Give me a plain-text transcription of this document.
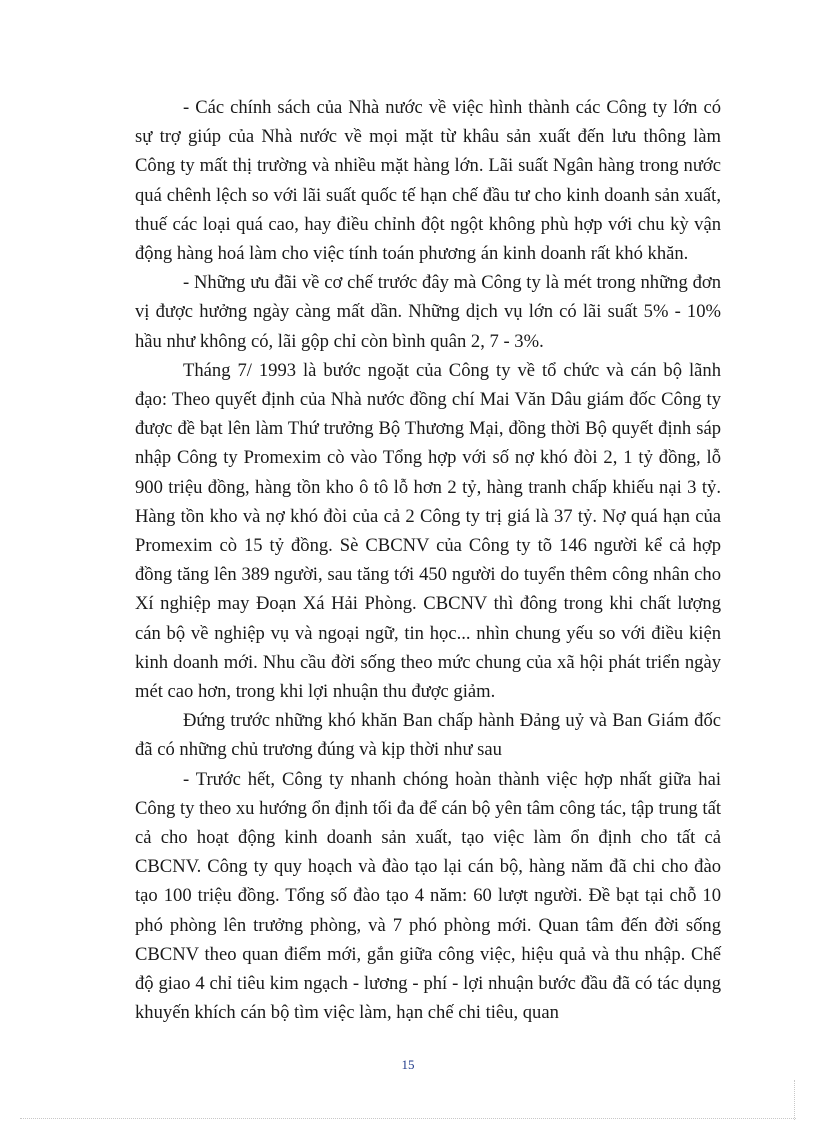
- Các chính sách của Nhà nước về việc hình thành các Công ty lớn có sự trợ giúp của Nhà nước về mọi mặt từ khâu sản xuất đến lưu thông làm Công ty mất thị trường và nhiều mặt hàng lớn. Lãi suất Ngân hàng trong nước quá chênh lệch so với lãi suất quốc tế hạn chế đầu tư cho kinh doanh sản xuất, thuế các loại quá cao, hay điều chỉnh đột ngột không phù hợp với chu kỳ vận động hàng hoá làm cho việc tính toán phương án kinh doanh rất khó khăn.

- Những ưu đãi về cơ chế trước đây mà Công ty là mét trong những đơn vị được hưởng ngày càng mất dần. Những dịch vụ lớn có lãi suất 5% - 10% hầu như không có, lãi gộp chỉ còn bình quân 2, 7 - 3%.

Tháng 7/ 1993 là bước ngoặt của Công ty về tổ chức và cán bộ lãnh đạo: Theo quyết định của Nhà nước đồng chí Mai Văn Dâu giám đốc Công ty được đề bạt lên làm Thứ trưởng Bộ Thương Mại, đồng thời Bộ quyết định sáp nhập Công ty Promexim cò vào Tổng hợp với số nợ khó đòi 2, 1 tỷ đồng, lỗ 900 triệu đồng, hàng tồn kho ô tô lỗ hơn 2 tỷ, hàng tranh chấp khiếu nại 3 tỷ. Hàng tồn kho và nợ khó đòi của cả 2 Công ty trị giá là 37 tỷ. Nợ quá hạn của Promexim cò 15 tỷ đồng. Sè CBCNV của Công ty tõ 146 người kể cả hợp đồng tăng lên 389 người, sau tăng tới 450 người do tuyển thêm công nhân cho Xí nghiệp may Đoạn Xá Hải Phòng. CBCNV thì đông trong khi chất lượng cán bộ về nghiệp vụ và ngoại ngữ, tin học... nhìn chung yếu so với điều kiện kinh doanh mới. Nhu cầu đời sống theo mức chung của xã hội phát triển ngày mét cao hơn, trong khi lợi nhuận thu được giảm.

Đứng trước những khó khăn Ban chấp hành Đảng uỷ và Ban Giám đốc đã có những chủ trương đúng và kịp thời như sau

- Trước hết, Công ty nhanh chóng hoàn thành việc hợp nhất giữa hai Công ty theo xu hướng ổn định tối đa để cán bộ yên tâm công tác, tập trung tất cả cho hoạt động kinh doanh sản xuất, tạo việc làm ổn định cho tất cả CBCNV. Công ty quy hoạch và đào tạo lại cán bộ, hàng năm đã chi cho đào tạo 100 triệu đồng. Tổng số đào tạo 4 năm: 60 lượt người. Đề bạt tại chỗ 10 phó phòng lên trưởng phòng, và 7 phó phòng mới. Quan tâm đến đời sống CBCNV theo quan điểm mới, gắn giữa công việc, hiệu quả và thu nhập. Chế độ giao 4 chỉ tiêu kim ngạch - lương - phí - lợi nhuận bước đầu đã có tác dụng khuyến khích cán bộ tìm việc làm, hạn chế chi tiêu, quan

15
